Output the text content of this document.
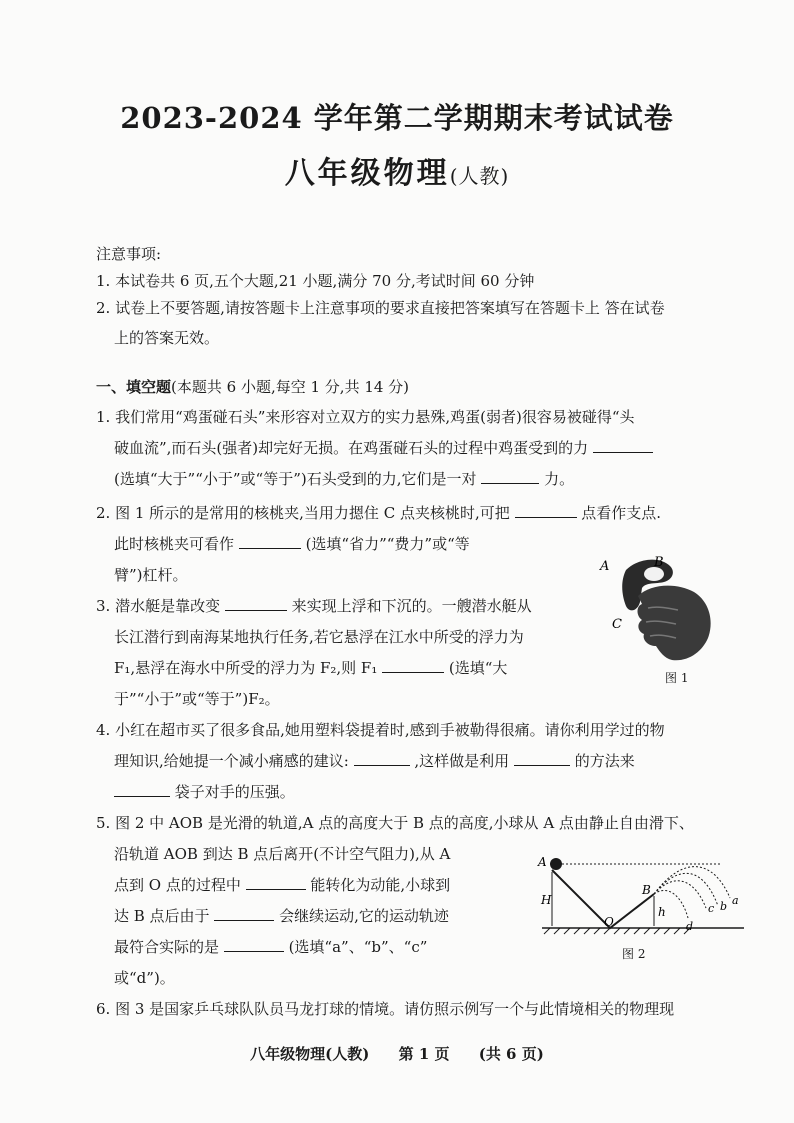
2023-2024 学年第二学期期末考试试卷
八年级物理(人教)
注意事项:
1. 本试卷共 6 页,五个大题,21 小题,满分 70 分,考试时间 60 分钟
2. 试卷上不要答题,请按答题卡上注意事项的要求直接把答案填写在答题卡上 答在试卷
上的答案无效。
一、填空题(本题共 6 小题,每空 1 分,共 14 分)
1. 我们常用“鸡蛋碰石头”来形容对立双方的实力悬殊,鸡蛋(弱者)很容易被碰得“头
破血流”,而石头(强者)却完好无损。在鸡蛋碰石头的过程中鸡蛋受到的力
(选填“大于”“小于”或“等于”)石头受到的力,它们是一对	力。
2. 图 1 所示的是常用的核桃夹,当用力摁住 C 点夹核桃时,可把	点看作支点.
此时核桃夹可看作	(选填“省力”“费力”或“等
臂”)杠杆。
3. 潜水艇是靠改变	来实现上浮和下沉的。一艘潜水艇从
长江潜行到南海某地执行任务,若它悬浮在江水中所受的浮力为
F₁,悬浮在海水中所受的浮力为 F₂,则 F₁	(选填“大
于”“小于”或“等于”)F₂。
4. 小红在超市买了很多食品,她用塑料袋提着时,感到手被勒得很痛。请你利用学过的物
理知识,给她提一个减小痛感的建议:	,这样做是利用	的方法来
袋子对手的压强。
5. 图 2 中 AOB 是光滑的轨道,A 点的高度大于 B 点的高度,小球从 A 点由静止自由滑下、
沿轨道 AOB 到达 B 点后离开(不计空气阻力),从 A
点到 O 点的过程中	能转化为动能,小球到
达 B 点后由于	会继续运动,它的运动轨迹
最符合实际的是	(选填“a”、“b”、“c”
或“d”)。
6. 图 3 是国家乒乓球队队员马龙打球的情境。请仿照示例写一个与此情境相关的物理现
A	B
C
图 1
A
B
O
H
h
a
b
c
d
图 2
八年级物理(人教) 第 1 页 (共 6 页)
